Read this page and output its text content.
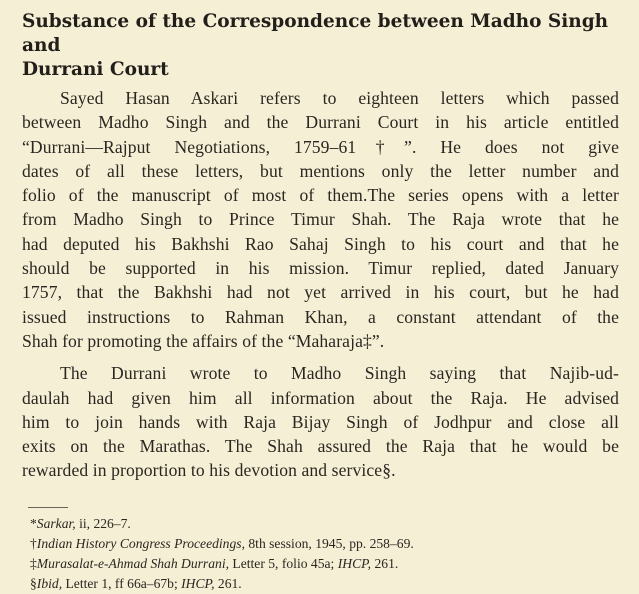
Substance of the Correspondence between Madho Singh and
Durrani Court
Sayed Hasan Askari refers to eighteen letters which passed
between Madho Singh and the Durrani Court in his article entitled
“Durrani—Rajput Negotiations, 1759–61†”. He does not give
dates of all these letters, but mentions only the letter number and
folio of the manuscript of most of them.The series opens with a letter
from Madho Singh to Prince Timur Shah. The Raja wrote that he
had deputed his Bakhshi Rao Sahaj Singh to his court and that he
should be supported in his mission. Timur replied, dated January
1757, that the Bakhshi had not yet arrived in his court, but he had
issued instructions to Rahman Khan, a constant attendant of the
Shah for promoting the affairs of the “Maharaja‡”.
The Durrani wrote to Madho Singh saying that Najib-ud-
daulah had given him all information about the Raja. He advised
him to join hands with Raja Bijay Singh of Jodhpur and close all
exits on the Marathas. The Shah assured the Raja that he would be
rewarded in proportion to his devotion and service§.
*Sarkar, ii, 226–7.
†Indian History Congress Proceedings, 8th session, 1945, pp. 258–69.
‡Murasalat-e-Ahmad Shah Durrani, Letter 5, folio 45a; IHCP, 261.
§Ibid, Letter 1, ff 66a–67b; IHCP, 261.
